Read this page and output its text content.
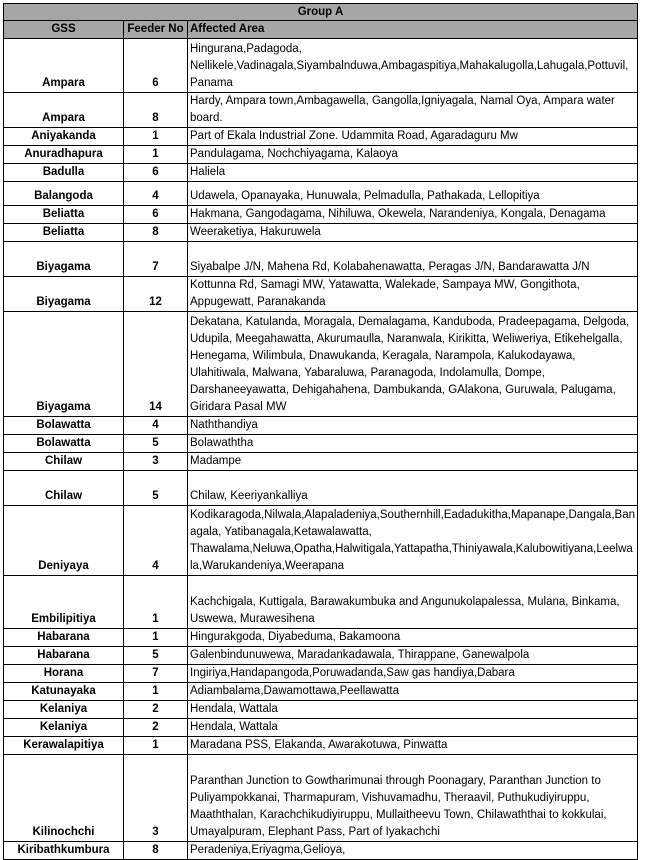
Group A		
GSS	Feeder No	Affected Area
Ampara	6	Hingurana,Padagoda, Nellikele,Vadinagala,Siyambalnduwa,Ambagaspitiya,Mahakalugolla,Lahugala,Pottuvil,Panama
Ampara	8	Hardy, Ampara town,Ambagawella, Gangolla,Igniyagala, Namal Oya, Ampara water board.
Aniyakanda	1	Part of Ekala Industrial Zone. Udammita Road, Agaradaguru Mw
Anuradhapura	1	Pandulagama, Nochchiyagama, Kalaoya
Badulla	6	Haliela
Balangoda	4	Udawela, Opanayaka, Hunuwala, Pelmadulla, Pathakada, Lellopitiya
Beliatta	6	Hakmana, Gangodagama, Nihiluwa, Okewela, Narandeniya, Kongala, Denagama
Beliatta	8	Weeraketiya, Hakuruwela
Biyagama	7	Siyabalpe J/N, Mahena Rd, Kolabahenawatta, Peragas J/N, Bandarawatta J/N
Biyagama	12	Kottunna Rd, Samagi MW, Yatawatta, Walekade, Sampaya MW, Gongithota, Appugewatt, Paranakanda
Biyagama	14	Dekatana, Katulanda, Moragala, Demalagama, Kanduboda, Pradeepagama, Delgoda, Udupila, Meegahawatta, Akurumaulla, Naranwala, Kirikitta, Weliweriya, Etikehelgalla, Henegama, Wilimbula, Dnawukanda, Keragala, Narampola, Kalukodayawa, Ulahitiwala, Malwana, Yabaraluwa, Paranagoda, Indolamulla, Dompe, Darshaneeyawatta, Dehigahahena, Dambukanda, GAlakona, Guruwala, Palugama, Giridara Pasal MW
Bolawatta	4	Naththandiya
Bolawatta	5	Bolawaththa
Chilaw	3	Madampe
Chilaw	5	Chilaw, Keeriyankalliya
Deniyaya	4	Kodikaragoda,Nilwala,Alapaladeniya,Southernhill,Eadadukitha,Mapanape,Dangala,Banagala, Yatibanagala,Ketawalawatta, Thawalama,Neluwa,Opatha,Halwitigala,Yattapatha,Thiniyawala,Kalubowitiyana,Leelwala,Warukandeniya,Weerapana
Embilipitiya	1	Kachchigala, Kuttigala, Barawakumbuka and Angunukolapalessa, Mulana, Binkama, Uswewa, Murawesihena
Habarana	1	Hingurakgoda, Diyabeduma, Bakamoona
Habarana	5	Galenbindunuwewa, Maradankadawala, Thirappane, Ganewalpola
Horana	7	Ingiriya,Handapangoda,Poruwadanda,Saw gas handiya,Dabara
Katunayaka	1	Adiambalama,Dawamottawa,Peellawatta
Kelaniya	2	Hendala, Wattala
Kelaniya	2	Hendala, Wattala
Kerawalapitiya	1	Maradana PSS, Elakanda, Awarakotuwa, Pinwatta
Kilinochchi	3	Paranthan Junction to Gowtharimunai through Poonagary, Paranthan Junction to Puliyampokkanai, Tharmapuram, Vishuvamadhu, Theraavil, Puthukudiyiruppu, Maaththalan, Karachchikudiyiruppu, Mullaitheevu Town, Chilawaththai to kokkulai, Umayalpuram, Elephant Pass, Part of Iyakachchi
Kiribathkumbura	8	Peradeniya,Eriyagma,Gelioya,
